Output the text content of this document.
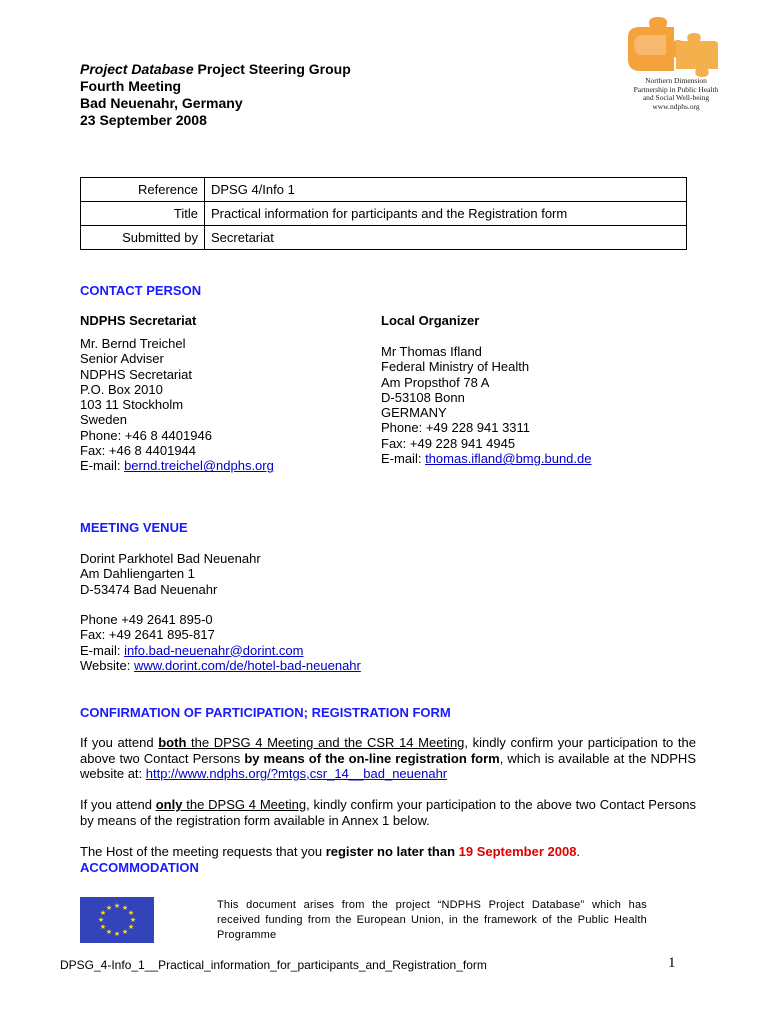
Project Database Project Steering Group
Fourth Meeting
Bad Neuenahr, Germany
23 September 2008
Northern Dimension
Partnership in Public Health
and Social Well-being
www.ndphs.org
Reference	DPSG 4/Info 1
Title	Practical information for participants and the Registration form
Submitted by	Secretariat
CONTACT PERSON
NDPHS Secretariat	Local Organizer
Mr. Bernd Treichel
Senior Adviser
NDPHS Secretariat
P.O. Box 2010
103 11 Stockholm
Sweden
Phone: +46 8 4401946
Fax: +46 8 4401944
E-mail: bernd.treichel@ndphs.org
Mr Thomas Ifland
Federal Ministry of Health
Am Propsthof 78 A
D-53108 Bonn
GERMANY
Phone: +49 228 941 3311
Fax: +49 228 941 4945
E-mail: thomas.ifland@bmg.bund.de
MEETING VENUE
Dorint Parkhotel Bad Neuenahr
Am Dahliengarten 1
D-53474 Bad Neuenahr
Phone +49 2641 895-0
Fax: +49 2641 895-817
E-mail: info.bad-neuenahr@dorint.com
Website: www.dorint.com/de/hotel-bad-neuenahr
CONFIRMATION OF PARTICIPATION; REGISTRATION FORM
If you attend both the DPSG 4 Meeting and the CSR 14 Meeting, kindly confirm your participation to the above two Contact Persons by means of the on-line registration form, which is available at the NDPHS website at: http://www.ndphs.org/?mtgs,csr_14__bad_neuenahr
If you attend only the DPSG 4 Meeting, kindly confirm your participation to the above two Contact Persons by means of the registration form available in Annex 1 below.
The Host of the meeting requests that you register no later than 19 September 2008.
ACCOMMODATION
★ ★
★
★
★
★
★
★
★
★
★
★	This document arises from the project “NDPHS Project Database” which has received funding from the European Union, in the framework of the Public Health Programme
DPSG_4-Info_1__Practical_information_for_participants_and_Registration_form	1
